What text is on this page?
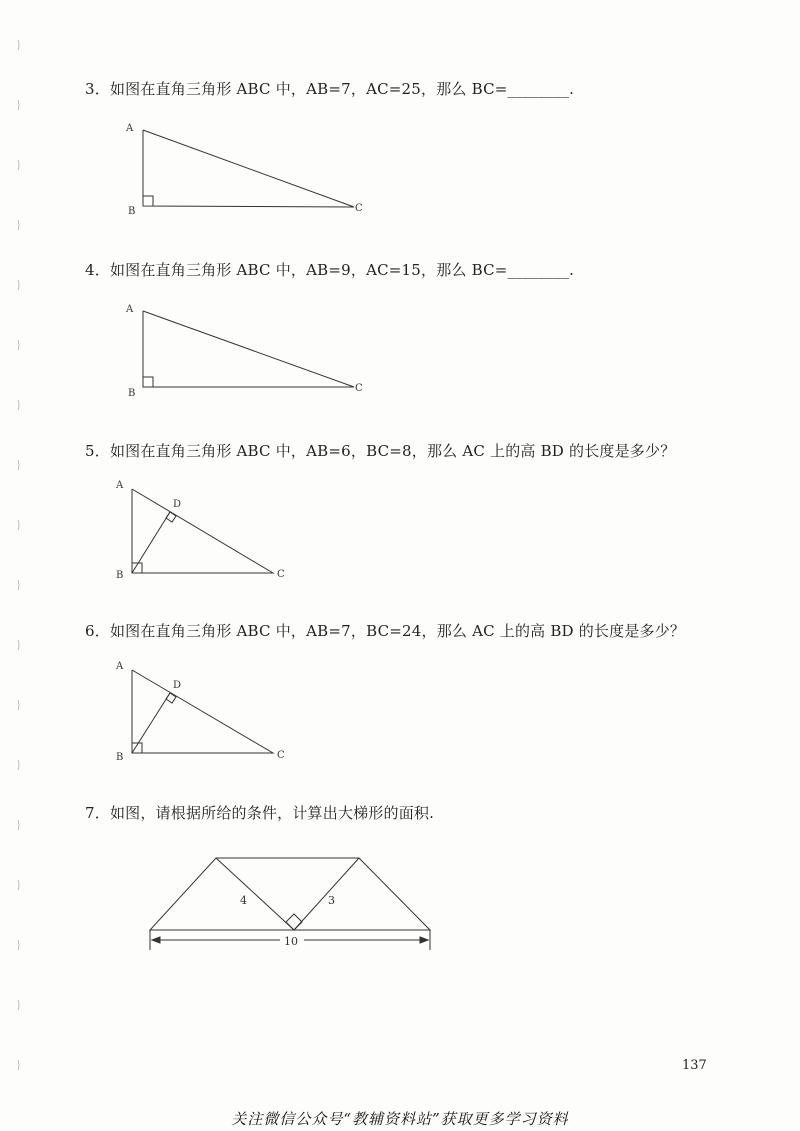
3．如图在直角三角形 ABC 中，AB=7，AC=25，那么 BC=________.
4．如图在直角三角形 ABC 中，AB=9，AC=15，那么 BC=________.
5．如图在直角三角形 ABC 中，AB=6，BC=8，那么 AC 上的高 BD 的长度是多少？
6．如图在直角三角形 ABC 中，AB=7，BC=24，那么 AC 上的高 BD 的长度是多少？
7．如图，请根据所给的条件，计算出大梯形的面积.
A
B	C
A
B	C
A
B	C
D
A
B	C
D
4	3
10
137
关注微信公众号“教辅资料站”获取更多学习资料
